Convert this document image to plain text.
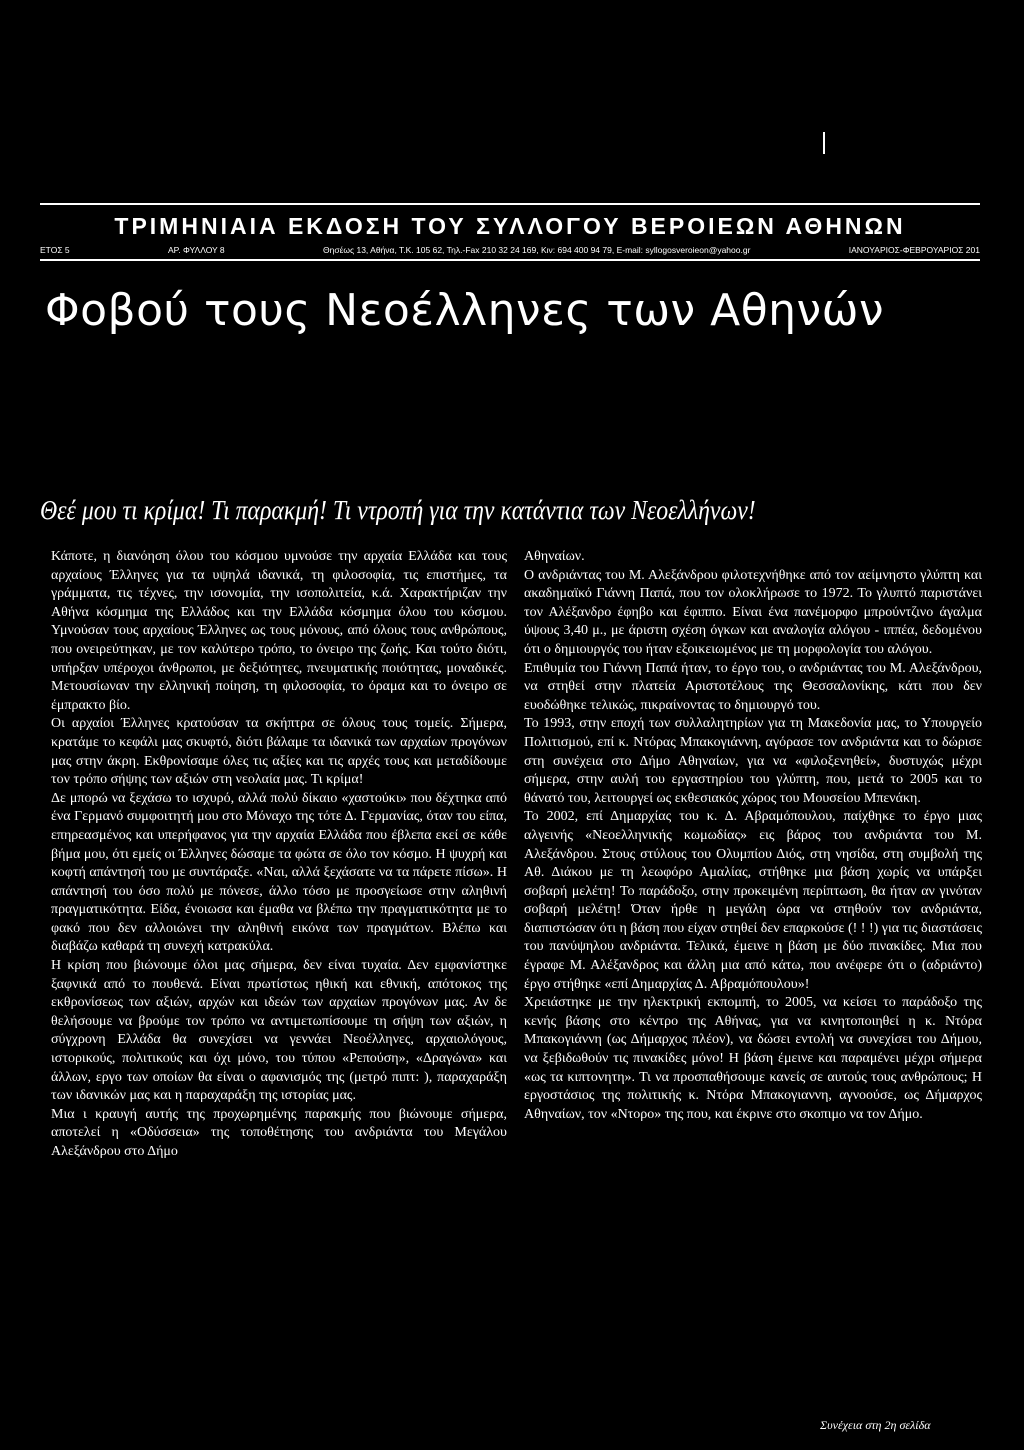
ΤΡΙΜΗΝΙΑΙΑ ΕΚΔΟΣΗ ΤΟΥ ΣΥΛΛΟΓΟΥ ΒΕΡΟΙΕΩΝ ΑΘΗΝΩΝ
ΕΤΟΣ 5	ΑΡ. ΦΥΛΛΟΥ 8	Θησέως 13, Αθήνα, Τ.Κ. 105 62, Τηλ.-Fax 210 32 24 169, Κιν: 694 400 94 79, E-mail: syllogosveroieon@yahoo.gr	ΙΑΝΟΥΑΡΙΟΣ-ΦΕΒΡΟΥΑΡΙΟΣ 201
Φοβού τους Νεοέλληνες των Αθηνών
Θεέ μου τι κρίμα! Τι παρακμή! Τι ντροπή για την κατάντια των Νεοελλήνων!

Κάποτε, η διανόηση όλου του κόσμου υμνούσε την αρχαία Ελλάδα και τους αρχαίους Έλληνες για τα υψηλά ιδανικά, τη φιλοσοφία, τις επιστήμες, τα γράμματα, τις τέχνες, την ισονομία, την ισοπολιτεία, κ.ά. Χαρακτήριζαν την Αθήνα κόσμημα της Ελλάδος και την Ελλάδα κόσμημα όλου του κόσμου. Υμνούσαν τους αρχαίους Έλληνες ως τους μόνους, από όλους τους ανθρώπους, που ονειρεύτηκαν, με τον καλύτερο τρόπο, το όνειρο της ζωής. Και τούτο διότι, υπήρξαν υπέροχοι άνθρωποι, με δεξιότητες, πνευματικής ποιότητας, μοναδικές. Μετουσίωναν την ελληνική ποίηση, τη φιλοσοφία, το όραμα και το όνειρο σε έμπρακτο βίο.

Οι αρχαίοι Έλληνες κρατούσαν τα σκήπτρα σε όλους τους τομείς. Σήμερα, κρατάμε το κεφάλι μας σκυφτό, διότι βάλαμε τα ιδανικά των αρχαίων προγόνων μας στην άκρη. Εκθρονίσαμε όλες τις αξίες και τις αρχές τους και μεταδίδουμε τον τρόπο σήψης των αξιών στη νεολαία μας. Τι κρίμα!

Δε μπορώ να ξεχάσω το ισχυρό, αλλά πολύ δίκαιο «χαστούκι» που δέχτηκα από ένα Γερμανό συμφοιτητή μου στο Μόναχο της τότε Δ. Γερμανίας, όταν του είπα, επηρεασμένος και υπερήφανος για την αρχαία Ελλάδα που έβλεπα εκεί σε κάθε βήμα μου, ότι εμείς οι Έλληνες δώσαμε τα φώτα σε όλο τον κόσμο. Η ψυχρή και κοφτή απάντησή του με συντάραξε. «Ναι, αλλά ξεχάσατε να τα πάρετε πίσω». Η απάντησή του όσο πολύ με πόνεσε, άλλο τόσο με προσγείωσε στην αληθινή πραγματικότητα. Είδα, ένοιωσα και έμαθα να βλέπω την πραγματικότητα με το φακό που δεν αλλοιώνει την αληθινή εικόνα των πραγμάτων. Βλέπω και διαβάζω καθαρά τη συνεχή κατρακύλα.

Η κρίση που βιώνουμε όλοι μας σήμερα, δεν είναι τυχαία. Δεν εμφανίστηκε ξαφνικά από το πουθενά. Είναι πρωτίστως ηθική και εθνική, απότοκος της εκθρονίσεως των αξιών, αρχών και ιδεών των αρχαίων προγόνων μας. Αν δε θελήσουμε να βρούμε τον τρόπο να αντιμετωπίσουμε τη σήψη των αξιών, η σύγχρονη Ελλάδα θα συνεχίσει να γεννάει Νεοέλληνες, αρχαιολόγους, ιστορικούς, πολιτικούς και όχι μόνο, του τύπου «Ρεπούση», «Δραγώνα» και άλλων, εργο των οποίων θα είναι ο αφανισμός της (μετρό πιπτ: ), παραχαράξη των ιδανικών μας και η παραχαράξη της ιστορίας μας.

Μια ι κραυγή αυτής της προχωρημένης παρακμής που βιώνουμε σήμερα, αποτελεί η «Οδύσσεια» της τοποθέτησης του ανδριάντα του Μεγάλου Αλεξάνδρου στο Δήμο

Αθηναίων.

Ο ανδριάντας του Μ. Αλεξάνδρου φιλοτεχνήθηκε από τον αείμνηστο γλύπτη και ακαδημαϊκό Γιάννη Παπά, που τον ολοκλήρωσε το 1972. Το γλυπτό παριστάνει τον Αλέξανδρο έφηβο και έφιππο. Είναι ένα πανέμορφο μπρούντζινο άγαλμα ύψους 3,40 μ., με άριστη σχέση όγκων και αναλογία αλόγου - ιππέα, δεδομένου ότι ο δημιουργός του ήταν εξοικειωμένος με τη μορφολογία του αλόγου.

Επιθυμία του Γιάννη Παπά ήταν, το έργο του, ο ανδριάντας του Μ. Αλεξάνδρου, να στηθεί στην πλατεία Αριστοτέλους της Θεσσαλονίκης, κάτι που δεν ευοδώθηκε τελικώς, πικραίνοντας το δημιουργό του.

Το 1993, στην εποχή των συλλαλητηρίων για τη Μακεδονία μας, το Υπουργείο Πολιτισμού, επί κ. Ντόρας Μπακογιάννη, αγόρασε τον ανδριάντα και το δώρισε στη συνέχεια στο Δήμο Αθηναίων, για να «φιλοξενηθεί», δυστυχώς μέχρι σήμερα, στην αυλή του εργαστηρίου του γλύπτη, που, μετά το 2005 και το θάνατό του, λειτουργεί ως εκθεσιακός χώρος του Μουσείου Μπενάκη.

Το 2002, επί Δημαρχίας του κ. Δ. Αβραμόπουλου, παίχθηκε το έργο μιας αλγεινής «Νεοελληνικής κωμωδίας» εις βάρος του ανδριάντα του Μ. Αλεξάνδρου. Στους στύλους του Ολυμπίου Διός, στη νησίδα, στη συμβολή της Αθ. Διάκου με τη λεωφόρο Αμαλίας, στήθηκε μια βάση χωρίς να υπάρξει σοβαρή μελέτη! Το παράδοξο, στην προκειμένη περίπτωση, θα ήταν αν γινόταν σοβαρή μελέτη! Όταν ήρθε η μεγάλη ώρα να στηθούν τον ανδριάντα, διαπιστώσαν ότι η βάση που είχαν στηθεί δεν επαρκούσε (! ! !) για τις διαστάσεις του πανύψηλου ανδριάντα. Τελικά, έμεινε η βάση με δύο πινακίδες. Μια που έγραφε Μ. Αλέξανδρος και άλλη μια από κάτω, που ανέφερε ότι ο (αδριάντο) έργο στήθηκε «επί Δημαρχίας Δ. Αβραμόπουλου»!

Χρειάστηκε με την ηλεκτρική εκπομπή, το 2005, να κείσει το παράδοξο της κενής βάσης στο κέντρο της Αθήνας, για να κινητοποιηθεί η κ. Ντόρα Μπακογιάννη (ως Δήμαρχος πλέον), να δώσει εντολή να συνεχίσει του Δήμου, να ξεβιδωθούν τις πινακίδες μόνο! Η βάση έμεινε και παραμένει μέχρι σήμερα «ως τα κιπτονητη». Τι να προσπαθήσουμε κανείς σε αυτούς τους ανθρώπους; Η εργοστάσιος της πολιτικής κ. Ντόρα Μπακογιαννη, αγνοούσε, ως Δήμαρχος Αθηναίων, τον «Ντορο» της που, και έκρινε στο σκοπιμο να τον Δήμο.

Συνέχεια στη 2η σελίδα
